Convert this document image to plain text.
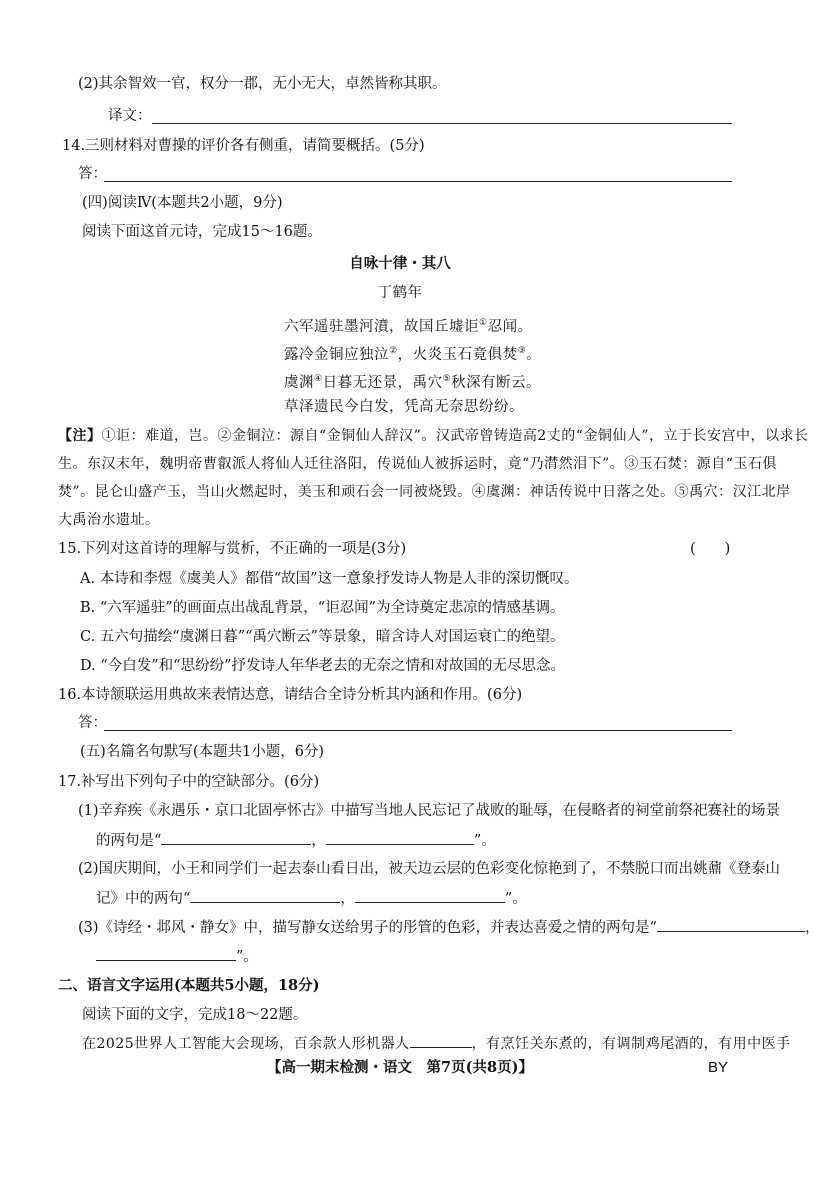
(2)其余智效一官，权分一郡，无小无大，卓然皆称其职。
译文：
14.三则材料对曹操的评价各有侧重，请简要概括。(5分)
答：
(四)阅读Ⅳ(本题共2小题，9分)
阅读下面这首元诗，完成15～16题。
自咏十律・其八
丁鹤年
六军遥驻墨河濆，故国丘墟讵①忍闻。
露冷金铜应独泣②，火炎玉石竟俱焚③。
虞渊④日暮无还景，禹穴⑤秋深有断云。
草泽遗民今白发，凭高无奈思纷纷。
【注】①讵：难道，岂。②金铜泣：源自“金铜仙人辞汉”。汉武帝曾铸造高2丈的“金铜仙人”，立于长安宫中，以求长
生。东汉末年，魏明帝曹叡派人将仙人迁往洛阳，传说仙人被拆运时，竟“乃潸然泪下”。③玉石焚：源自“玉石俱
焚”。昆仑山盛产玉，当山火燃起时，美玉和顽石会一同被烧毁。④虞渊：神话传说中日落之处。⑤禹穴：汉江北岸
大禹治水遗址。
15.下列对这首诗的理解与赏析，不正确的一项是(3分)	(　　)
A. 本诗和李煜《虞美人》都借“故国”这一意象抒发诗人物是人非的深切慨叹。
B. “六军遥驻”的画面点出战乱背景，“讵忍闻”为全诗奠定悲凉的情感基调。
C. 五六句描绘“虞渊日暮”“禹穴断云”等景象，暗含诗人对国运衰亡的绝望。
D. “今白发”和“思纷纷”抒发诗人年华老去的无奈之情和对故国的无尽思念。
16.本诗颔联运用典故来表情达意，请结合全诗分析其内涵和作用。(6分)
答：
(五)名篇名句默写(本题共1小题，6分)
17.补写出下列句子中的空缺部分。(6分)
(1)辛弃疾《永遇乐・京口北固亭怀古》中描写当地人民忘记了战败的耻辱，在侵略者的祠堂前祭祀赛社的场景
的两句是“	，	”。
(2)国庆期间，小王和同学们一起去泰山看日出，被天边云层的色彩变化惊艳到了，不禁脱口而出姚鼐《登泰山
记》中的两句“	，	”。
(3)《诗经・邶风・静女》中，描写静女送给男子的彤管的色彩，并表达喜爱之情的两句是“	，
”。
二、语言文字运用(本题共5小题，18分)
阅读下面的文字，完成18～22题。
在2025世界人工智能大会现场，百余款人形机器人	，有烹饪关东煮的，有调制鸡尾酒的，有用中医手
【高一期末检测・语文　第7页(共8页)】	BY
